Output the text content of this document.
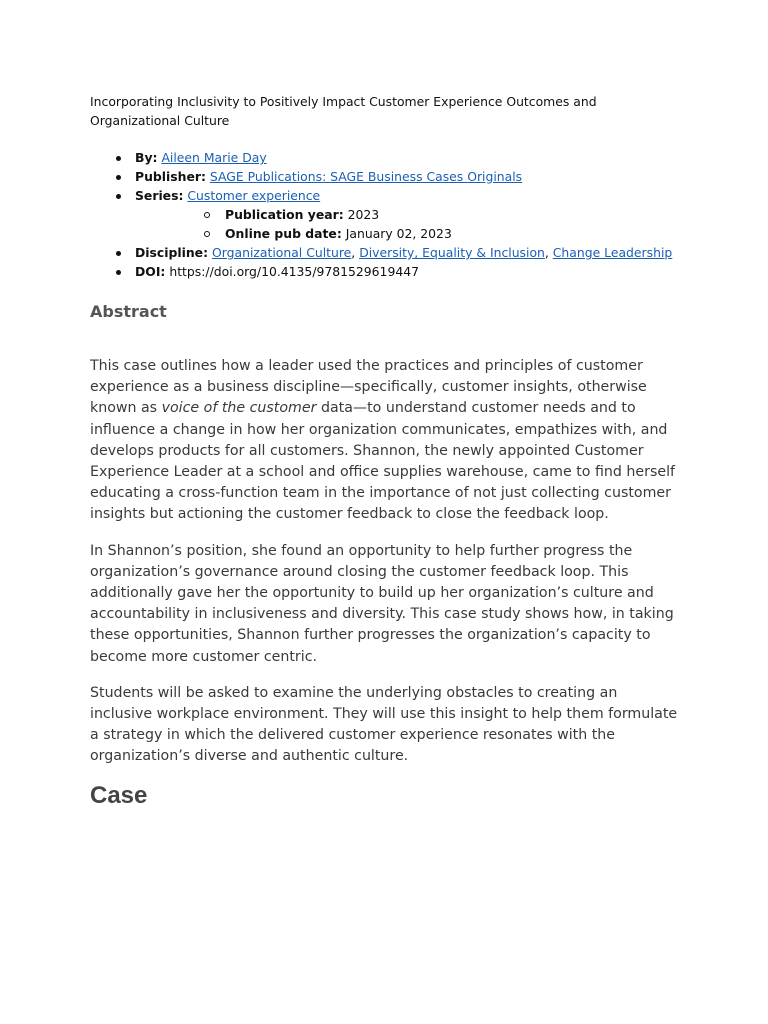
Incorporating Inclusivity to Positively Impact Customer Experience Outcomes and Organizational Culture

By: Aileen Marie Day
Publisher: SAGE Publications: SAGE Business Cases Originals
Series: Customer experience
Publication year: 2023
Online pub date: January 02, 2023
Discipline: Organizational Culture, Diversity, Equality & Inclusion, Change Leadership
DOI: https://doi.org/10.4135/9781529619447
Abstract

This case outlines how a leader used the practices and principles of customer experience as a business discipline—specifically, customer insights, otherwise known as voice of the customer data—to understand customer needs and to influence a change in how her organization communicates, empathizes with, and develops products for all customers. Shannon, the newly appointed Customer Experience Leader at a school and office supplies warehouse, came to find herself educating a cross-function team in the importance of not just collecting customer insights but actioning the customer feedback to close the feedback loop.

In Shannon’s position, she found an opportunity to help further progress the organization’s governance around closing the customer feedback loop. This additionally gave her the opportunity to build up her organization’s culture and accountability in inclusiveness and diversity. This case study shows how, in taking these opportunities, Shannon further progresses the organization’s capacity to become more customer centric.

Students will be asked to examine the underlying obstacles to creating an inclusive workplace environment. They will use this insight to help them formulate a strategy in which the delivered customer experience resonates with the organization’s diverse and authentic culture.

Case
